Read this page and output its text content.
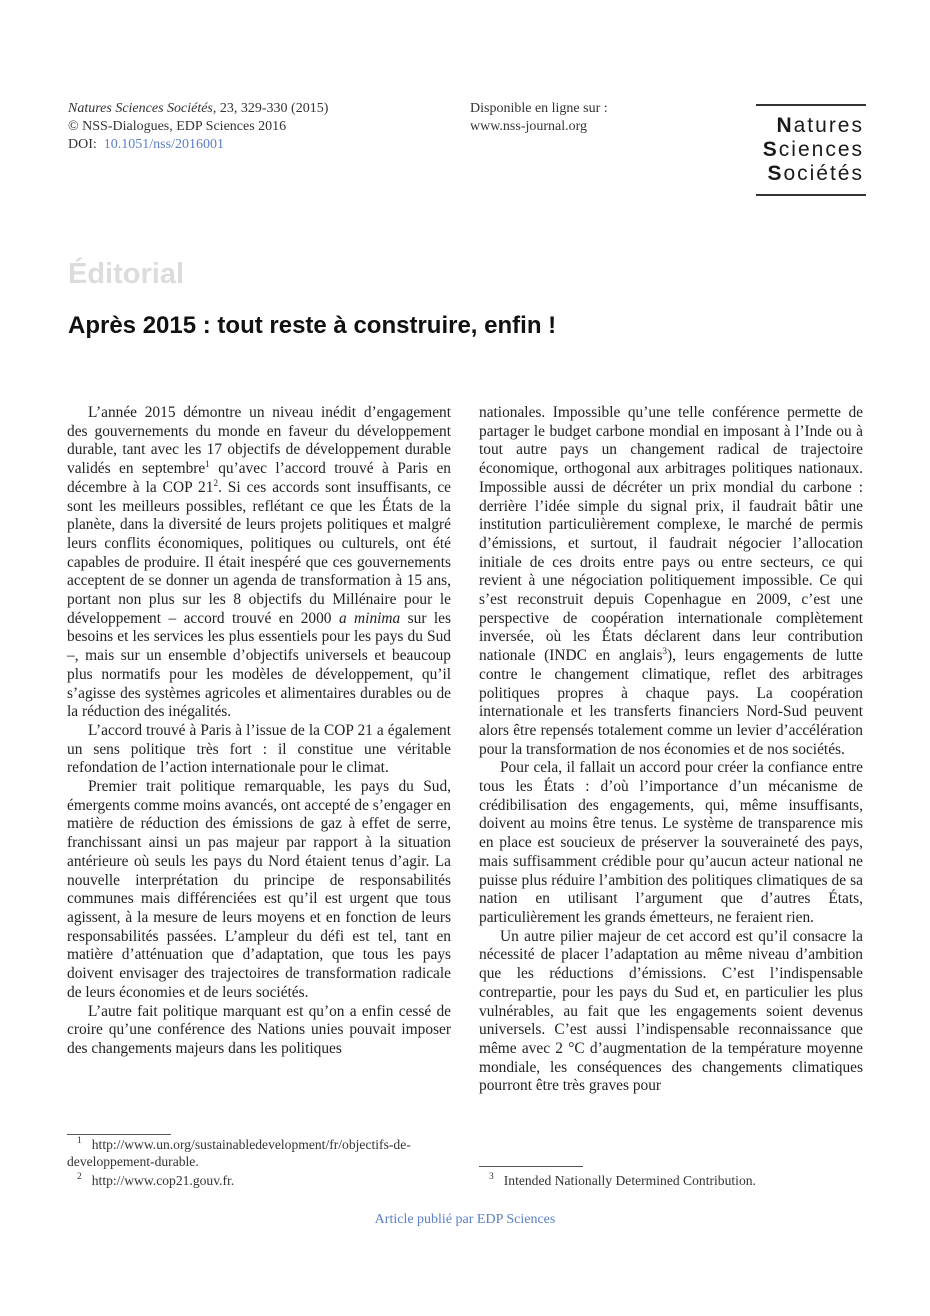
Natures Sciences Sociétés, 23, 329-330 (2015)
© NSS-Dialogues, EDP Sciences 2016
DOI: 10.1051/nss/2016001
Disponible en ligne sur :
www.nss-journal.org	Natures
Sciences
Sociétés
Éditorial
Après 2015 : tout reste à construire, enfin !

L’année 2015 démontre un niveau inédit d’engagement des gouvernements du monde en faveur du développement durable, tant avec les 17 objectifs de développement durable validés en septembre$^1$ qu’avec l’accord trouvé à Paris en décembre à la COP $21^2$. Si ces accords sont insuffisants, ce sont les meilleurs possibles, reflétant ce que les États de la planète, dans la diversité de leurs projets politiques et malgré leurs conflits économiques, politiques ou culturels, ont été capables de produire. Il était inespéré que ces gouvernements acceptent de se donner un agenda de transformation à 15 ans, portant non plus sur les 8 objectifs du Millénaire pour le développement – accord trouvé en 2000 a minima sur les besoins et les services les plus essentiels pour les pays du Sud –, mais sur un ensemble d’objectifs universels et beaucoup plus normatifs pour les modèles de développement, qu’il s’agisse des systèmes agricoles et alimentaires durables ou de la réduction des inégalités.

L’accord trouvé à Paris à l’issue de la COP 21 a également un sens politique très fort : il constitue une véritable refondation de l’action internationale pour le climat.

Premier trait politique remarquable, les pays du Sud, émergents comme moins avancés, ont accepté de s’engager en matière de réduction des émissions de gaz à effet de serre, franchissant ainsi un pas majeur par rapport à la situation antérieure où seuls les pays du Nord étaient tenus d’agir. La nouvelle interprétation du principe de responsabilités communes mais différenciées est qu’il est urgent que tous agissent, à la mesure de leurs moyens et en fonction de leurs responsabilités passées. L’ampleur du défi est tel, tant en matière d’atténuation que d’adaptation, que tous les pays doivent envisager des trajectoires de transformation radicale de leurs économies et de leurs sociétés.

L’autre fait politique marquant est qu’on a enfin cessé de croire qu’une conférence des Nations unies pouvait imposer des changements majeurs dans les politiques

nationales. Impossible qu’une telle conférence permette de partager le budget carbone mondial en imposant à l’Inde ou à tout autre pays un changement radical de trajectoire économique, orthogonal aux arbitrages politiques nationaux. Impossible aussi de décréter un prix mondial du carbone : derrière l’idée simple du signal prix, il faudrait bâtir une institution particulièrement complexe, le marché de permis d’émissions, et surtout, il faudrait négocier l’allocation initiale de ces droits entre pays ou entre secteurs, ce qui revient à une négociation politiquement impossible. Ce qui s’est reconstruit depuis Copenhague en 2009, c’est une perspective de coopération internationale complètement inversée, où les États déclarent dans leur contribution nationale (INDC en anglais$^3$), leurs engagements de lutte contre le changement climatique, reflet des arbitrages politiques propres à chaque pays. La coopération internationale et les transferts financiers Nord-Sud peuvent alors être repensés totalement comme un levier d’accélération pour la transformation de nos économies et de nos sociétés.

Pour cela, il fallait un accord pour créer la confiance entre tous les États : d’où l’importance d’un mécanisme de crédibilisation des engagements, qui, même insuffisants, doivent au moins être tenus. Le système de transparence mis en place est soucieux de préserver la souveraineté des pays, mais suffisamment crédible pour qu’aucun acteur national ne puisse plus réduire l’ambition des politiques climatiques de sa nation en utilisant l’argument que d’autres États, particulièrement les grands émetteurs, ne feraient rien.

Un autre pilier majeur de cet accord est qu’il consacre la nécessité de placer l’adaptation au même niveau d’ambition que les réductions d’émissions. C’est l’indispensable contrepartie, pour les pays du Sud et, en particulier les plus vulnérables, au fait que les engagements soient devenus universels. C’est aussi l’indispensable reconnaissance que même avec 2 °C d’augmentation de la température moyenne mondiale, les conséquences des changements climatiques pourront être très graves pour

$^1$ http://www.un.org/sustainabledevelopment/fr/objectifs-de-developpement-durable.
$^2$ http://www.cop21.gouv.fr.	$^3$ Intended Nationally Determined Contribution.
Article publié par EDP Sciences
